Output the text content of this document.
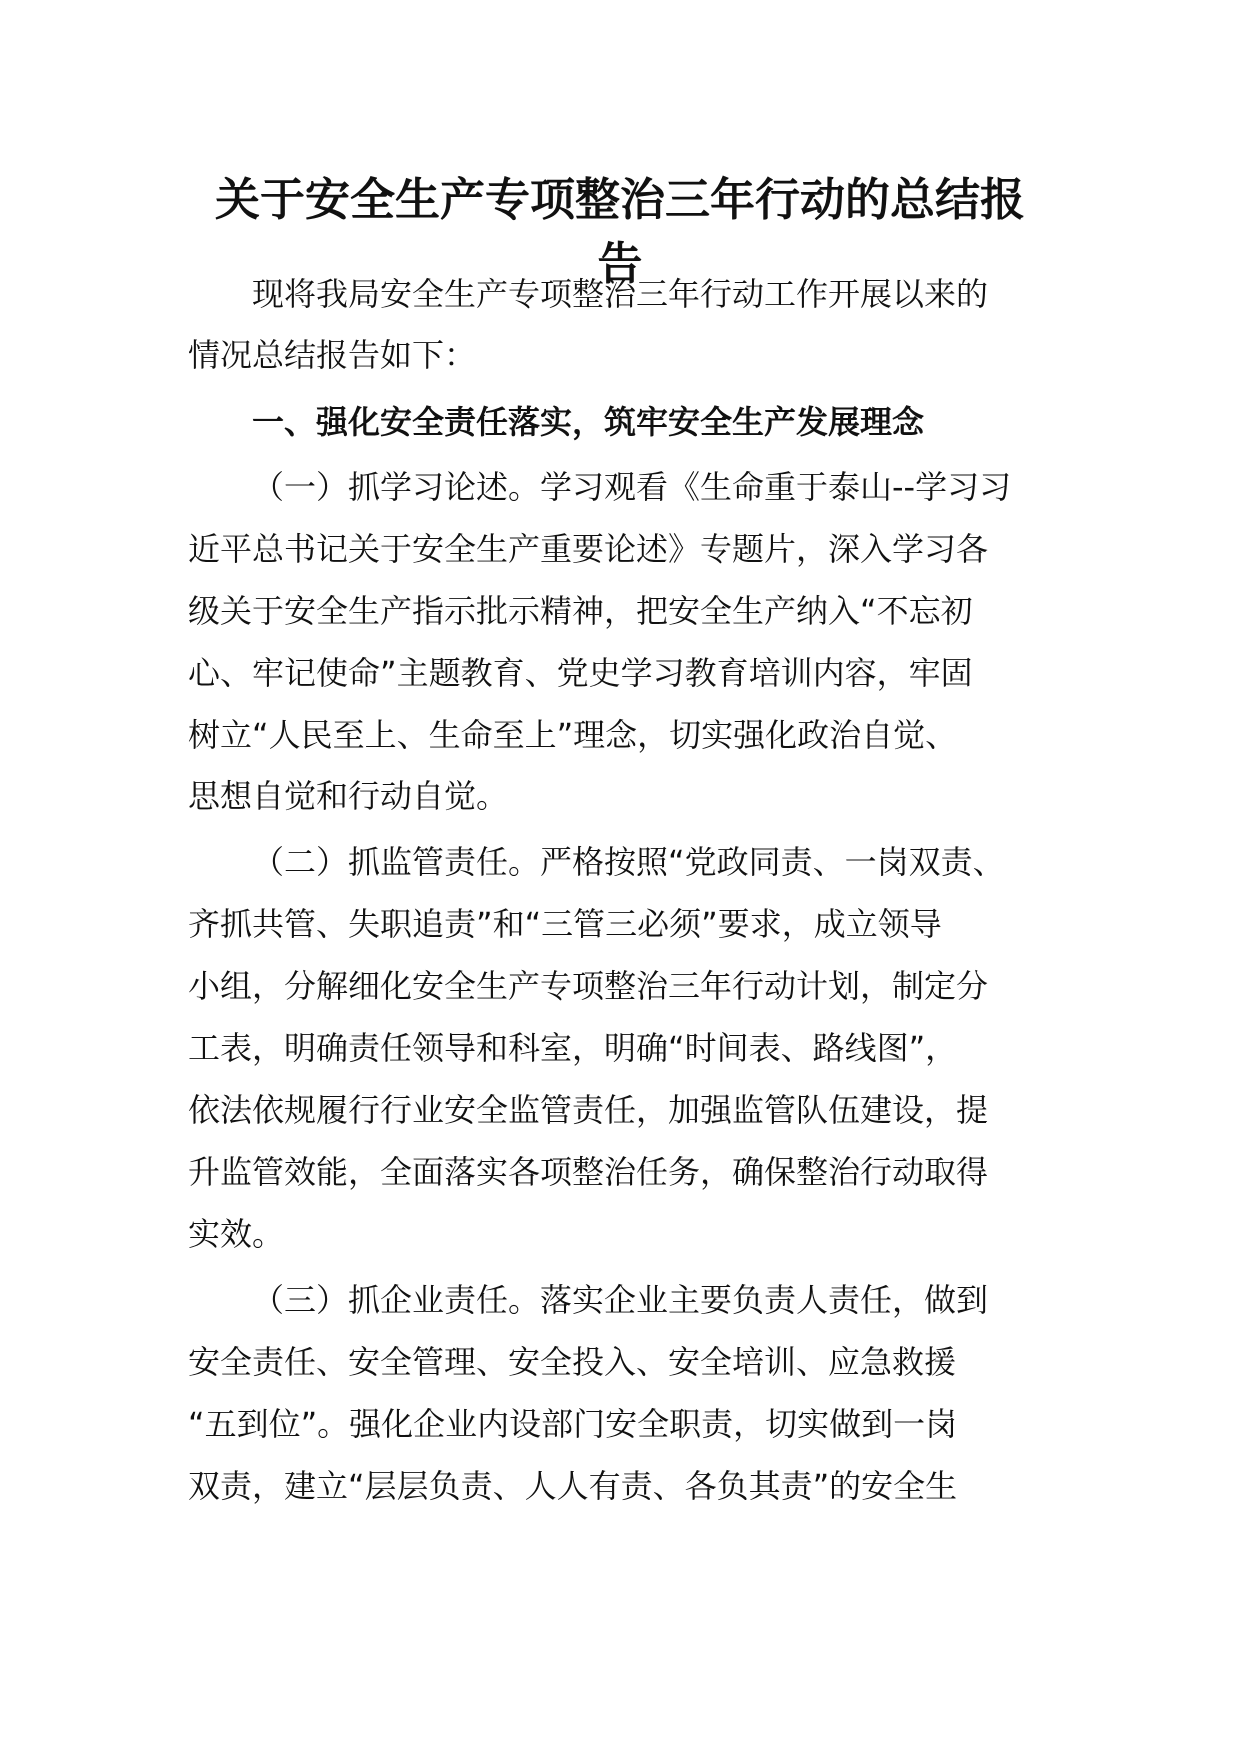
关于安全生产专项整治三年行动的总结报
告

现将我局安全生产专项整治三年行动工作开展以来的

情况总结报告如下：

一、强化安全责任落实，筑牢安全生产发展理念

（一）抓学习论述。学习观看《生命重于泰山--学习习

近平总书记关于安全生产重要论述》专题片，深入学习各

级关于安全生产指示批示精神，把安全生产纳入“不忘初

心、牢记使命”主题教育、党史学习教育培训内容，牢固

树立“人民至上、生命至上”理念，切实强化政治自觉、

思想自觉和行动自觉。

（二）抓监管责任。严格按照“党政同责、一岗双责、

齐抓共管、失职追责”和“三管三必须”要求，成立领导

小组，分解细化安全生产专项整治三年行动计划，制定分

工表，明确责任领导和科室，明确“时间表、路线图”，

依法依规履行行业安全监管责任，加强监管队伍建设，提

升监管效能，全面落实各项整治任务，确保整治行动取得

实效。

（三）抓企业责任。落实企业主要负责人责任，做到

安全责任、安全管理、安全投入、安全培训、应急救援

“五到位”。强化企业内设部门安全职责，切实做到一岗

双责，建立“层层负责、人人有责、各负其责”的安全生
